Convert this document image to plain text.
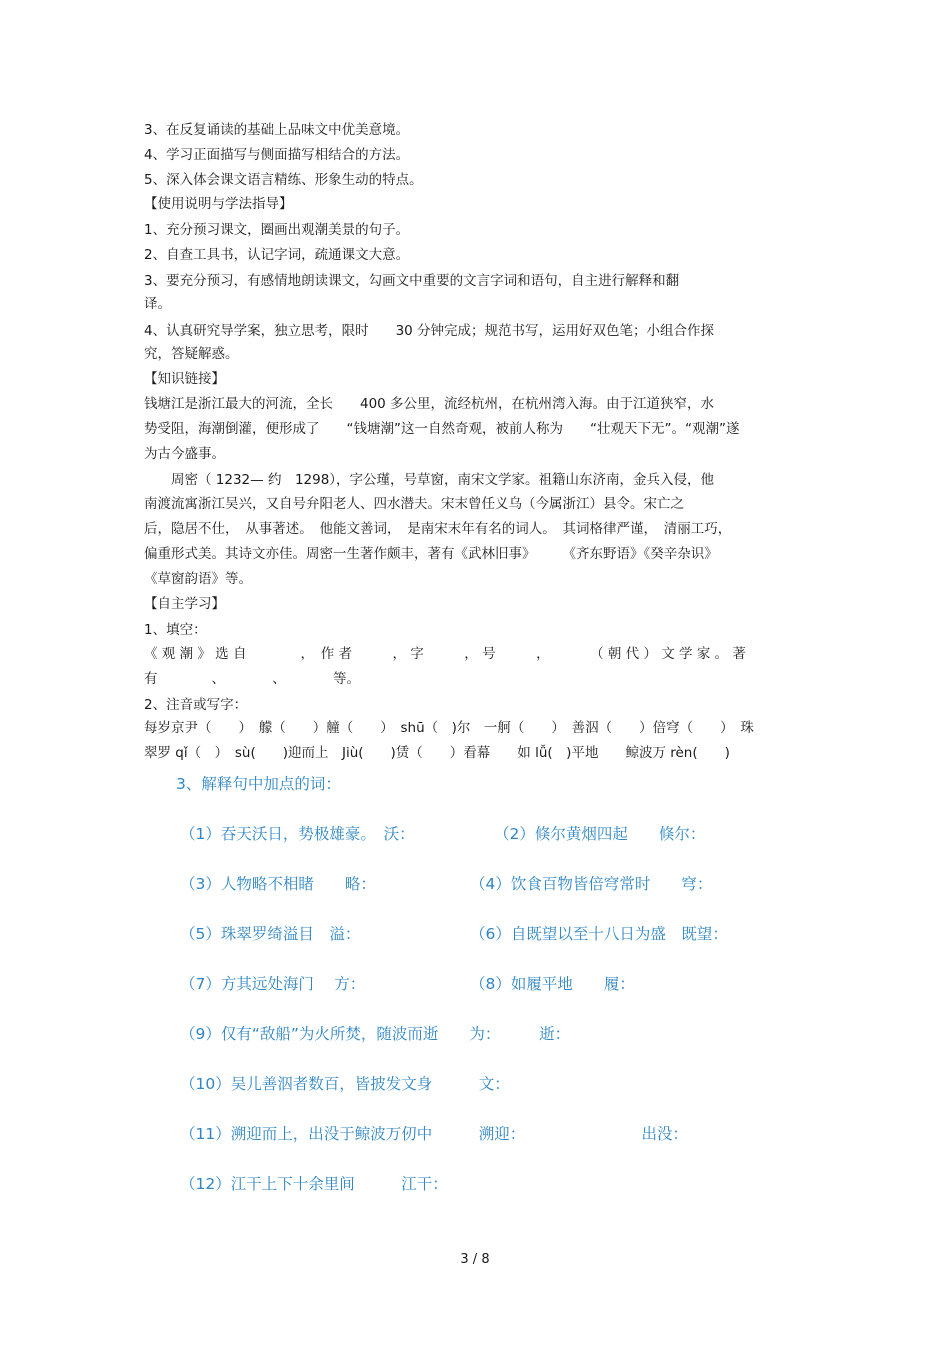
3、在反复诵读的基础上品味文中优美意境。
4、学习正面描写与侧面描写相结合的方法。
5、深入体会课文语言精练、形象生动的特点。
【使用说明与学法指导】
1、充分预习课文，圈画出观潮美景的句子。
2、自查工具书，认记字词，疏通课文大意。
3、要充分预习，有感情地朗读课文，勾画文中重要的文言字词和语句，自主进行解释和翻
译。
4、认真研究导学案，独立思考，限时　　30 分钟完成；规范书写，运用好双色笔；小组合作探
究，答疑解惑。
【知识链接】
钱塘江是浙江最大的河流，全长　　400 多公里，流经杭州，在杭州湾入海。由于江道狭窄，水
势受阻，海潮倒灌，便形成了　　“钱塘潮”这一自然奇观，被前人称为　　“壮观天下无”。“观潮”遂
为古今盛事。
　　周密（ 1232— 约　1298），字公瑾，号草窗，南宋文学家。祖籍山东济南，金兵入侵，他
南渡流寓浙江吴兴，又自号弁阳老人、四水潜夫。宋末曾任义乌（今属浙江）县令。宋亡之
后，隐居不仕，　从事著述。　他能文善词，　是南宋末年有名的词人。　其词格律严谨，　清丽工巧，
偏重形式美。其诗文亦佳。周密一生著作颇丰，著有《武林旧事》　　　《齐东野语》《癸辛杂识》
《草窗韵语》等。
【自主学习】
1、填空：
《 观 潮 》 选 自　　　　，　作 者　　　， 字　　　， 号　　　，　　　　（ 朝 代 ） 文 学 家 。 著
有　　　　、　　　　、　　　　等。
2、注音或写字：
每岁京尹（　　）　艨（　　）艟（　　）　shū（　)尔　一舸（　　）　善泅（　　）倍穹（　　）　珠
翠罗 qǐ（　）　sù(　　)迎而上　Jiù(　　)赁（　　）看幕　　如 lǚ(　)平地　　鲸波万 rèn(　　)
3、解释句中加点的词：
（1）吞天沃日，势极雄豪。　沃：	（2）倏尔黄烟四起　　倏尔：
（3）人物略不相睹　　略：	（4）饮食百物皆倍穹常时　　穹：
（5）珠翠罗绮溢目　溢：	（6）自既望以至十八日为盛　既望：
（7）方其远处海门　 方：	（8）如履平地　　履：
（9）仅有“敌船”为火所焚，随波而逝　　为：　　　逝：
（10）吴儿善泅者数百，皆披发文身　　　文：
（11）溯迎而上，出没于鲸波万仞中　　　溯迎：　　　　　　　　出没：
（12）江干上下十余里间　　　江干：
3 / 8
